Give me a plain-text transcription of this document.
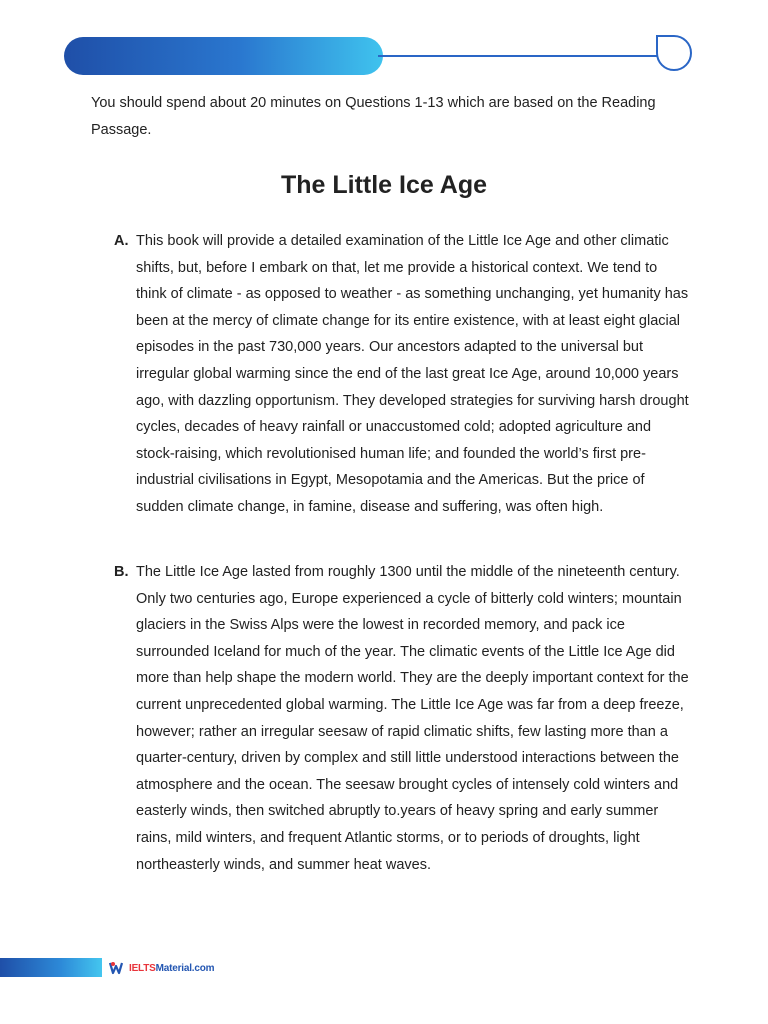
You should spend about 20 minutes on Questions 1-13 which are based on the Reading Passage.
The Little Ice Age
A. This book will provide a detailed examination of the Little Ice Age and other climatic shifts, but, before I embark on that, let me provide a historical context. We tend to think of climate - as opposed to weather - as something unchanging, yet humanity has been at the mercy of climate change for its entire existence, with at least eight glacial episodes in the past 730,000 years. Our ancestors adapted to the universal but irregular global warming since the end of the last great Ice Age, around 10,000 years ago, with dazzling opportunism. They developed strategies for surviving harsh drought cycles, decades of heavy rainfall or unaccustomed cold; adopted agriculture and stock-raising, which revolutionised human life; and founded the world’s first pre-industrial civilisations in Egypt, Mesopotamia and the Americas. But the price of sudden climate change, in famine, disease and suffering, was often high.
B. The Little Ice Age lasted from roughly 1300 until the middle of the nineteenth century. Only two centuries ago, Europe experienced a cycle of bitterly cold winters; mountain glaciers in the Swiss Alps were the lowest in recorded memory, and pack ice surrounded Iceland for much of the year. The climatic events of the Little Ice Age did more than help shape the modern world. They are the deeply important context for the current unprecedented global warming. The Little Ice Age was far from a deep freeze, however; rather an irregular seesaw of rapid climatic shifts, few lasting more than a quarter-century, driven by complex and still little understood interactions between the atmosphere and the ocean. The seesaw brought cycles of intensely cold winters and easterly winds, then switched abruptly to.years of heavy spring and early summer rains, mild winters, and frequent Atlantic storms, or to periods of droughts, light northeasterly winds, and summer heat waves.
IELTSMaterial.com
